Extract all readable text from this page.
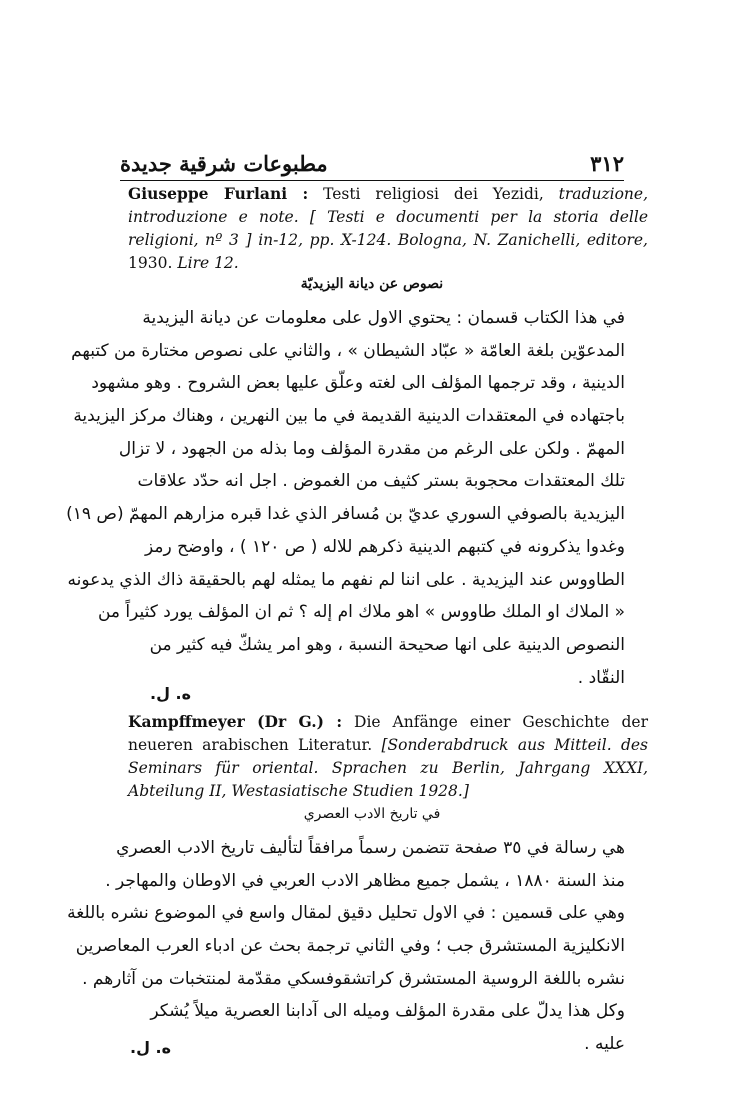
مطبوعات شرقية جديدة	٣١٢
Giuseppe Furlani : Testi religiosi dei Yezidi, traduzione, introduzione e note. [ Testi e documenti per la storia delle religioni, nº 3 ] in-12, pp. X-124. Bologna, N. Zanichelli, editore, 1930. Lire 12.
نصوص عن ديانة اليزيديّة
في هذا الكتاب قسمان : يحتوي الاول على معلومات عن ديانة اليزيدية
المدعوّين بلغة العامّة « عبّاد الشيطان » ، والثاني على نصوص مختارة من كتبهم
الدينية ، وقد ترجمها المؤلف الى لغته وعلّق عليها بعض الشروح . وهو مشهود
باجتهاده في المعتقدات الدينية القديمة في ما بين النهرين ، وهناك مركز اليزيدية
المهمّ . ولكن على الرغم من مقدرة المؤلف وما بذله من الجهود ، لا تزال
تلك المعتقدات محجوبة بستر كثيف من الغموض . اجل انه حدّد علاقات
اليزيدية بالصوفي السوري عديّ بن مُسافر الذي غدا قبره مزارهم المهمّ (ص ١٩)
وغدوا يذكرونه في كتبهم الدينية ذكرهم للاله ( ص ١٢٠ ) ، واوضح رمز
الطاووس عند اليزيدية . على اننا لم نفهم ما يمثله لهم بالحقيقة ذاك الذي يدعونه
« الملاك او الملك طاووس » اهو ملاك ام إله ؟ ثم ان المؤلف يورد كثيراً من
النصوص الدينية على انها صحيحة النسبة ، وهو امر يشكّ فيه كثير من
النقّاد .
ه. ل.
Kampffmeyer (Dr G.) : Die Anfänge einer Geschichte der neueren arabischen Literatur. [Sonderabdruck aus Mitteil. des Seminars für oriental. Sprachen zu Berlin, Jahrgang XXXI, Abteilung II, Westasiatische Studien 1928.]
في تاريخ الادب العصري
هي رسالة في ٣٥ صفحة تتضمن رسماً مرافقاً لتأليف تاريخ الادب العصري
منذ السنة ١٨٨٠ ، يشمل جميع مظاهر الادب العربي في الاوطان والمهاجر .
وهي على قسمين : في الاول تحليل دقيق لمقال واسع في الموضوع نشره باللغة
الانكليزية المستشرق جب ؛ وفي الثاني ترجمة بحث عن ادباء العرب المعاصرين
نشره باللغة الروسية المستشرق كراتشقوفسكي مقدّمة لمنتخبات من آثارهم .
وكل هذا يدلّ على مقدرة المؤلف وميله الى آدابنا العصرية ميلاً يُشكر
عليه .
ه. ل.
